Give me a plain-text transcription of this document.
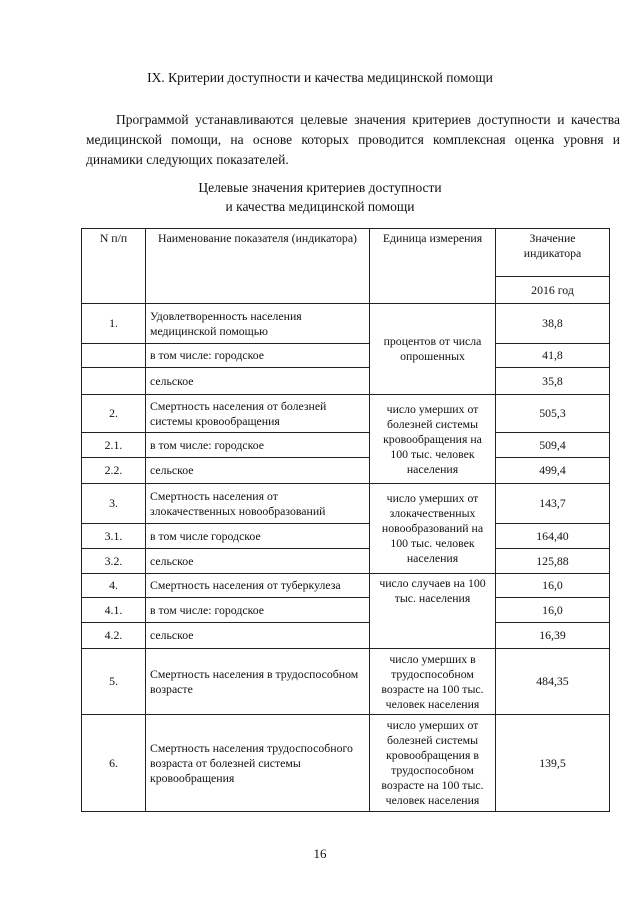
IX. Критерии доступности и качества медицинской помощи

Программой устанавливаются целевые значения критериев доступности и качества медицинской помощи, на основе которых проводится комплексная оценка уровня и динамики следующих показателей.

Целевые значения критериев доступности
и качества медицинской помощи
N п/п	Наименование показателя (индикатора)	Единица измерения	Значение индикатора
			2016 год
1.	Удовлетворенность населения медицинской помощью	процентов от числа опрошенных	38,8
	в том числе: городское		41,8
	сельское		35,8
2.	Смертность населения от болезней системы кровообращения	число умерших от болезней системы кровообращения на 100 тыс. человек населения	505,3
2.1.	в том числе: городское		509,4
2.2.	сельское		499,4
3.	Смертность населения от злокачественных новообразований	число умерших от злокачественных новообразований на 100 тыс. человек населения	143,7
3.1.	в том числе городское		164,40
3.2.	сельское		125,88
4.	Смертность населения от туберкулеза	число случаев на 100 тыс. населения	16,0
4.1.	в том числе: городское		16,0
4.2.	сельское		16,39
5.	Смертность населения в трудоспособном возрасте	число умерших в трудоспособном возрасте на 100 тыс. человек населения	484,35
6.	Смертность населения трудоспособного возраста от болезней системы кровообращения	число умерших от болезней системы кровообращения в трудоспособном возрасте на 100 тыс. человек населения	139,5
16
